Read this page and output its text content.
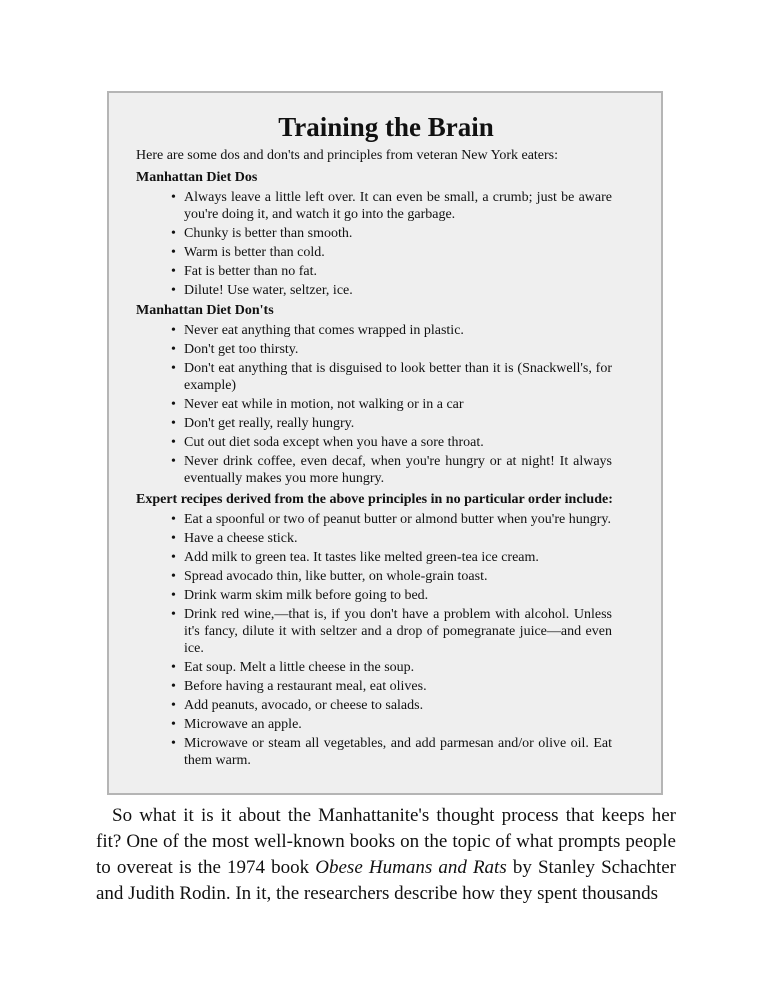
Training the Brain

Here are some dos and don'ts and principles from veteran New York eaters:

Manhattan Diet Dos

• Always leave a little left over. It can even be small, a crumb; just be aware you're doing it, and watch it go into the garbage.
• Chunky is better than smooth.
• Warm is better than cold.
• Fat is better than no fat.
• Dilute! Use water, seltzer, ice.

Manhattan Diet Don'ts

• Never eat anything that comes wrapped in plastic.
• Don't get too thirsty.
• Don't eat anything that is disguised to look better than it is (Snackwell's, for example)
• Never eat while in motion, not walking or in a car
• Don't get really, really hungry.
• Cut out diet soda except when you have a sore throat.
• Never drink coffee, even decaf, when you're hungry or at night! It always eventually makes you more hungry.

Expert recipes derived from the above principles in no particular order include:

• Eat a spoonful or two of peanut butter or almond butter when you're hungry.
• Have a cheese stick.
• Add milk to green tea. It tastes like melted green-tea ice cream.
• Spread avocado thin, like butter, on whole-grain toast.
• Drink warm skim milk before going to bed.
• Drink red wine,—that is, if you don't have a problem with alcohol. Unless it's fancy, dilute it with seltzer and a drop of pomegranate juice—and even ice.
• Eat soup. Melt a little cheese in the soup.
• Before having a restaurant meal, eat olives.
• Add peanuts, avocado, or cheese to salads.
• Microwave an apple.
• Microwave or steam all vegetables, and add parmesan and/or olive oil. Eat them warm.

So what it is it about the Manhattanite's thought process that keeps her fit? One of the most well-known books on the topic of what prompts people to overeat is the 1974 book Obese Humans and Rats by Stanley Schachter and Judith Rodin. In it, the researchers describe how they spent thousands
